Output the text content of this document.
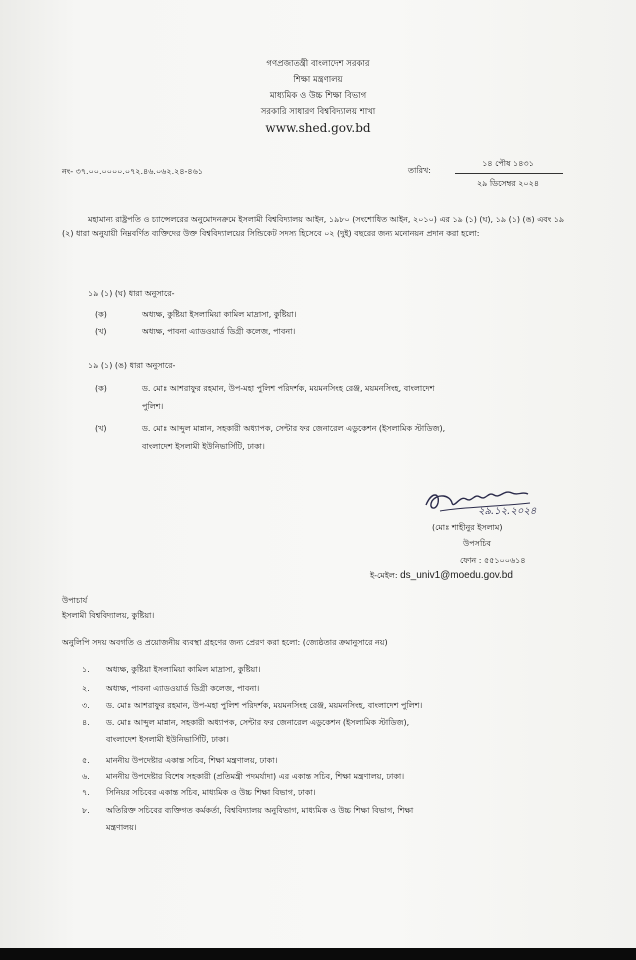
গণপ্রজাতন্ত্রী বাংলাদেশ সরকার
শিক্ষা মন্ত্রণালয়
মাধ্যমিক ও উচ্চ শিক্ষা বিভাগ
সরকারি সাধারণ বিশ্ববিদ্যালয় শাখা
www.shed.gov.bd
নং- ৩৭.০০.০০০০.০৭২.৪৬.০৬২.২৪-৪৬১	তারিখ:
১৪ পৌষ ১৪৩১
২৯ ডিসেম্বর ২০২৪
মহামান্য রাষ্ট্রপতি ও চ্যান্সেলরের অনুমোদনক্রমে ইসলামী বিশ্ববিদ্যালয় আইন, ১৯৮০ (সংশোধিত আইন, ২০১০) এর ১৯ (১) (ঘ), ১৯ (১) (ঙ) এবং ১৯ (২) ধারা অনুযায়ী নিম্নবর্ণিত ব্যক্তিদের উক্ত বিশ্ববিদ্যালয়ের সিন্ডিকেট সদস্য হিসেবে ০২ (দুই) বছরের জন্য মনোনয়ন প্রদান করা হলো:
১৯ (১) (ঘ) ধারা অনুসারে-
(ক)	অধ্যক্ষ, কুষ্টিয়া ইসলামিয়া কামিল মাদ্রাসা, কুষ্টিয়া।
(খ)	অধ্যক্ষ, পাবনা এ্যাডওয়ার্ড ডিগ্রী কলেজ, পাবনা।
১৯ (১) (ঙ) ধারা অনুসারে-
(ক)	ড. মোঃ আশরাফুর রহমান, উপ-মহা পুলিশ পরিদর্শক, ময়মনসিংহ রেঞ্জ, ময়মনসিংহ, বাংলাদেশ
পুলিশ।
(খ)	ড. মোঃ আব্দুল মান্নান, সহকারী অধ্যাপক, সেন্টার ফর জেনারেল এডুকেশন (ইসলামিক স্টাডিজ),
বাংলাদেশ ইসলামী ইউনিভার্সিটি, ঢাকা।
২৯.১২.২০২৪
(মোঃ শাহীনুর ইসলাম)
উপসচিব
ফোন : ৫৫১০০৬১৪
ই-মেইল: ds_univ1@moedu.gov.bd
উপাচার্য
ইসলামী বিশ্ববিদ্যালয়, কুষ্টিয়া।
অনুলিপি সদয় অবগতি ও প্রয়োজনীয় ব্যবস্থা গ্রহণের জন্য প্রেরণ করা হলো: (জ্যেষ্ঠতার ক্রমানুসারে নয়)
১. অধ্যক্ষ, কুষ্টিয়া ইসলামিয়া কামিল মাদ্রাসা, কুষ্টিয়া।
২. অধ্যক্ষ, পাবনা এ্যাডওয়ার্ড ডিগ্রী কলেজ, পাবনা।
৩. ড. মোঃ আশরাফুর রহমান, উপ-মহা পুলিশ পরিদর্শক, ময়মনসিংহ রেঞ্জ, ময়মনসিংহ, বাংলাদেশ পুলিশ।
৪. ড. মোঃ আব্দুল মান্নান, সহকারী অধ্যাপক, সেন্টার ফর জেনারেল এডুকেশন (ইসলামিক স্টাডিজ),
বাংলাদেশ ইসলামী ইউনিভার্সিটি, ঢাকা।
৫. মাননীয় উপদেষ্টার একান্ত সচিব, শিক্ষা মন্ত্রণালয়, ঢাকা।
৬. মাননীয় উপদেষ্টার বিশেষ সহকারী (প্রতিমন্ত্রী পদমর্যাদা) এর একান্ত সচিব, শিক্ষা মন্ত্রণালয়, ঢাকা।
৭. সিনিয়র সচিবের একান্ত সচিব, মাধ্যমিক ও উচ্চ শিক্ষা বিভাগ, ঢাকা।
৮. অতিরিক্ত সচিবের ব্যক্তিগত কর্মকর্তা, বিশ্ববিদ্যালয় অনুবিভাগ, মাধ্যমিক ও উচ্চ শিক্ষা বিভাগ, শিক্ষা
মন্ত্রণালয়।
